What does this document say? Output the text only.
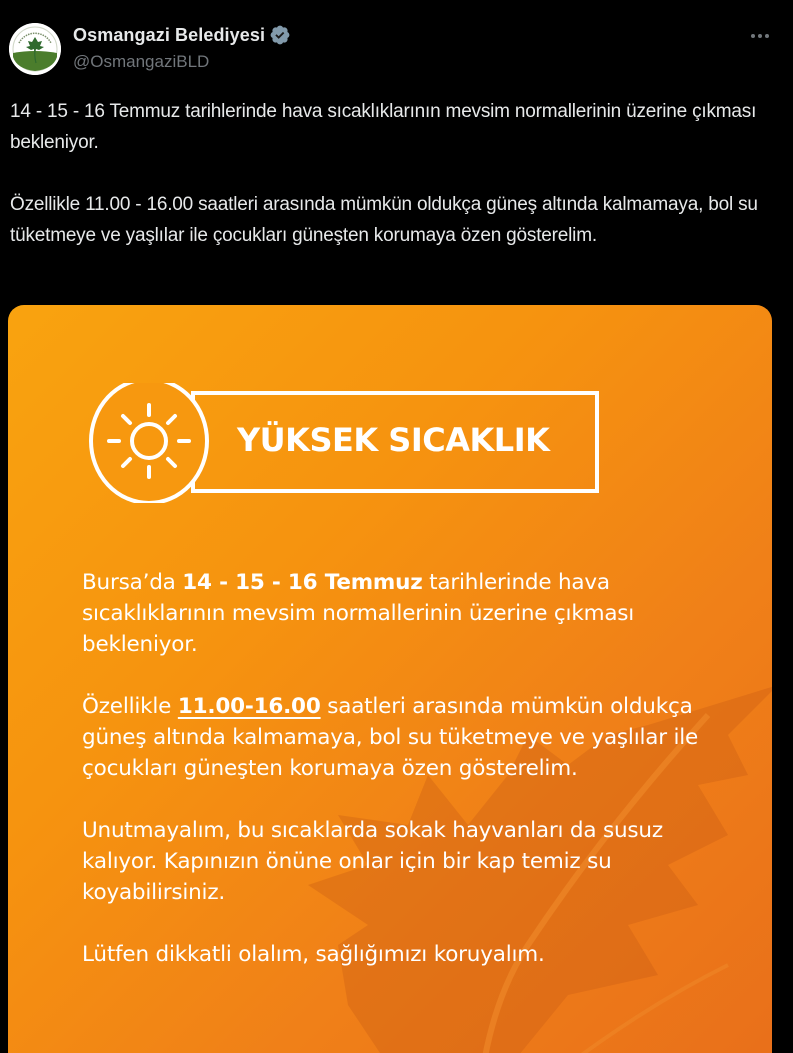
Osmangazi Belediyesi
@OsmangaziBLD

14 - 15 - 16 Temmuz tarihlerinde hava sıcaklıklarının mevsim normallerinin üzerine çıkması bekleniyor.

Özellikle 11.00 - 16.00 saatleri arasında mümkün oldukça güneş altında kalmamaya, bol su tüketmeye ve yaşlılar ile çocukları güneşten korumaya özen gösterelim.

YÜKSEK SICAKLIK

Bursa’da 14 - 15 - 16 Temmuz tarihlerinde hava sıcaklıklarının mevsim normallerinin üzerine çıkması bekleniyor.

Özellikle 11.00-16.00 saatleri arasında mümkün oldukça güneş altında kalmamaya, bol su tüketmeye ve yaşlılar ile çocukları güneşten korumaya özen gösterelim.

Unutmayalım, bu sıcaklarda sokak hayvanları da susuz kalıyor. Kapınızın önüne onlar için bir kap temiz su koyabilirsiniz.

Lütfen dikkatli olalım, sağlığımızı koruyalım.
